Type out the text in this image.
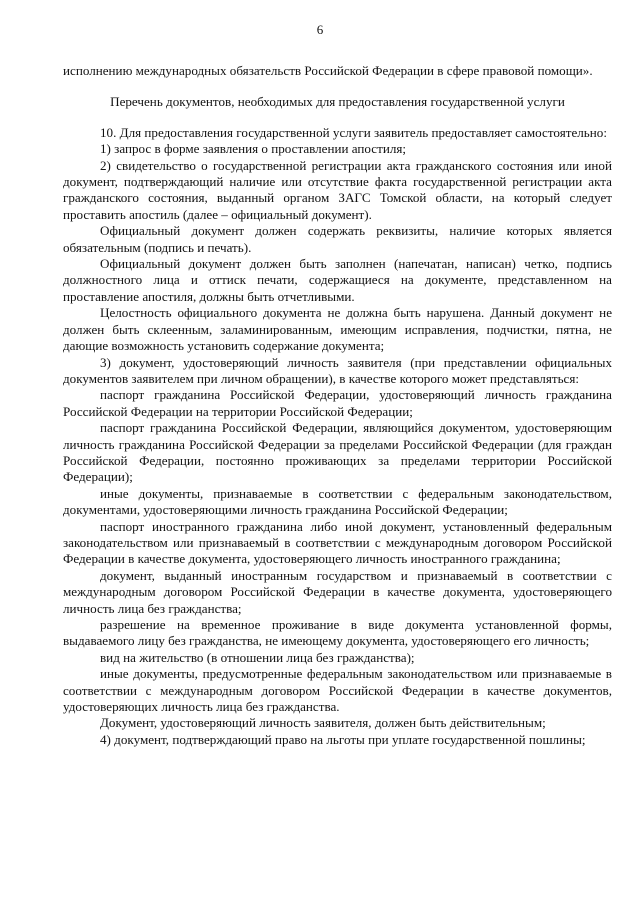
6

исполнению международных обязательств Российской Федерации в сфере правовой помощи».

Перечень документов, необходимых для предоставления государственной услуги

10. Для предоставления государственной услуги заявитель предоставляет самостоятельно:

1) запрос в форме заявления о проставлении апостиля;

2) свидетельство о государственной регистрации акта гражданского состояния или иной документ, подтверждающий наличие или отсутствие факта государственной регистрации акта гражданского состояния, выданный органом ЗАГС Томской области, на который следует проставить апостиль (далее – официальный документ).

Официальный документ должен содержать реквизиты, наличие которых является обязательным (подпись и печать).

Официальный документ должен быть заполнен (напечатан, написан) четко, подпись должностного лица и оттиск печати, содержащиеся на документе, представленном на проставление апостиля, должны быть отчетливыми.

Целостность официального документа не должна быть нарушена. Данный документ не должен быть склеенным, заламинированным, имеющим исправления, подчистки, пятна, не дающие возможность установить содержание документа;

3) документ, удостоверяющий личность заявителя (при представлении официальных документов заявителем при личном обращении), в качестве которого может представляться:

паспорт гражданина Российской Федерации, удостоверяющий личность гражданина Российской Федерации на территории Российской Федерации;

паспорт гражданина Российской Федерации, являющийся документом, удостоверяющим личность гражданина Российской Федерации за пределами Российской Федерации (для граждан Российской Федерации, постоянно проживающих за пределами территории Российской Федерации);

иные документы, признаваемые в соответствии с федеральным законодательством, документами, удостоверяющими личность гражданина Российской Федерации;

паспорт иностранного гражданина либо иной документ, установленный федеральным законодательством или признаваемый в соответствии с международным договором Российской Федерации в качестве документа, удостоверяющего личность иностранного гражданина;

документ, выданный иностранным государством и признаваемый в соответствии с международным договором Российской Федерации в качестве документа, удостоверяющего личность лица без гражданства;

разрешение на временное проживание в виде документа установленной формы, выдаваемого лицу без гражданства, не имеющему документа, удостоверяющего его личность;

вид на жительство (в отношении лица без гражданства);

иные документы, предусмотренные федеральным законодательством или признаваемые в соответствии с международным договором Российской Федерации в качестве документов, удостоверяющих личность лица без гражданства.

Документ, удостоверяющий личность заявителя, должен быть действительным;

4) документ, подтверждающий право на льготы при уплате государственной пошлины;
